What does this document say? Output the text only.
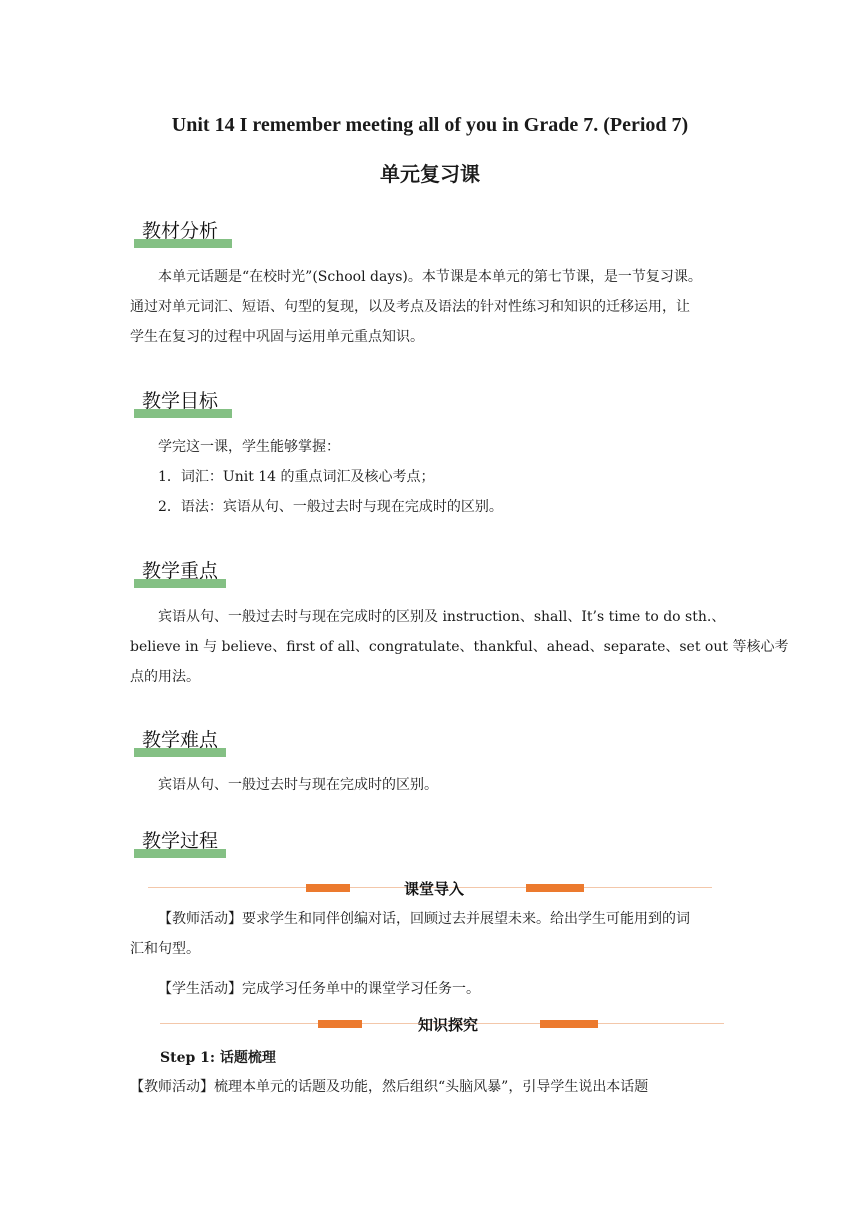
Unit 14 I remember meeting all of you in Grade 7. (Period 7)
单元复习课
教材分析
本单元话题是“在校时光”(School days)。本节课是本单元的第七节课，是一节复习课。
通过对单元词汇、短语、句型的复现，以及考点及语法的针对性练习和知识的迁移运用，让
学生在复习的过程中巩固与运用单元重点知识。
教学目标
学完这一课，学生能够掌握：
1．词汇：Unit 14 的重点词汇及核心考点；
2．语法：宾语从句、一般过去时与现在完成时的区别。
教学重点
宾语从句、一般过去时与现在完成时的区别及 instruction、shall、It’s time to do sth.、
believe in 与 believe、first of all、congratulate、thankful、ahead、separate、set out 等核心考
点的用法。
教学难点
宾语从句、一般过去时与现在完成时的区别。
教学过程
课堂导入
【教师活动】要求学生和同伴创编对话，回顾过去并展望未来。给出学生可能用到的词
汇和句型。
【学生活动】完成学习任务单中的课堂学习任务一。
知识探究
Step 1: 话题梳理
【教师活动】梳理本单元的话题及功能，然后组织“头脑风暴”，引导学生说出本话题
